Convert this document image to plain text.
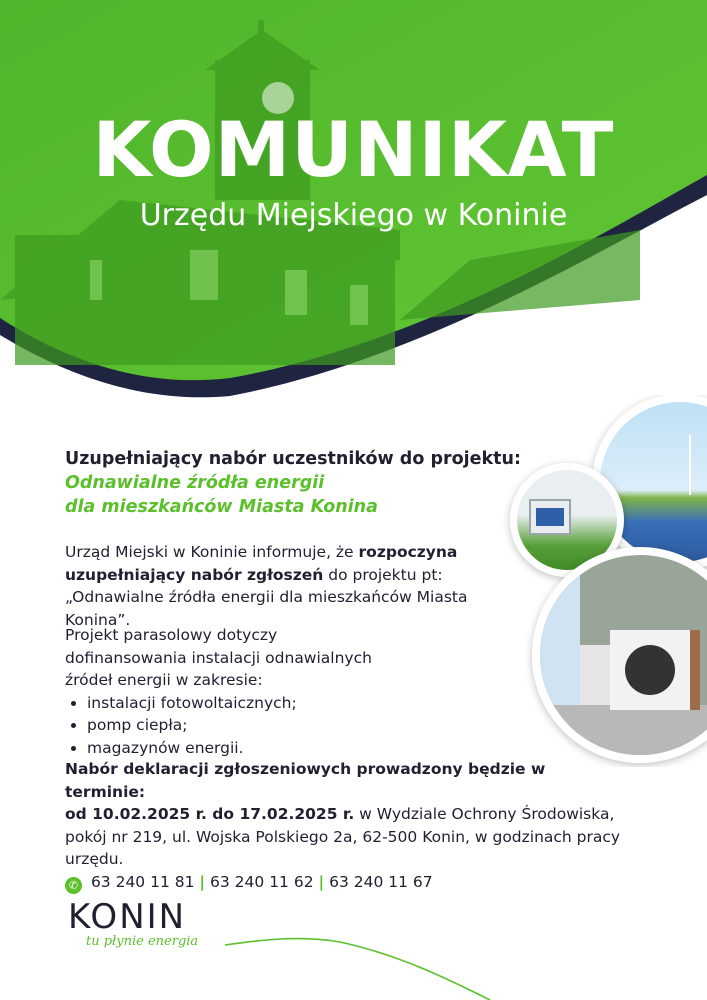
KOMUNIKAT
Urzędu Miejskiego w Koninie
Uzupełniający nabór uczestników do projektu:
Odnawialne źródła energii
dla mieszkańców Miasta Konina
Urząd Miejski w Koninie informuje, że rozpoczyna uzupełniający nabór zgłoszeń do projektu pt: „Odnawialne źródła energii dla mieszkańców Miasta Konina”.
Projekt parasolowy dotyczy dofinansowania instalacji odnawialnych źródeł energii w zakresie:
• instalacji fotowoltaicznych;
• pomp ciepła;
• magazynów energii.
Nabór deklaracji zgłoszeniowych prowadzony będzie w terminie:
od 10.02.2025 r. do 17.02.2025 r. w Wydziale Ochrony Środowiska, pokój nr 219, ul. Wojska Polskiego 2a, 62-500 Konin, w godzinach pracy urzędu.
✆ 63 240 11 81 | 63 240 11 62 | 63 240 11 67
KONIN
tu płynie energia
